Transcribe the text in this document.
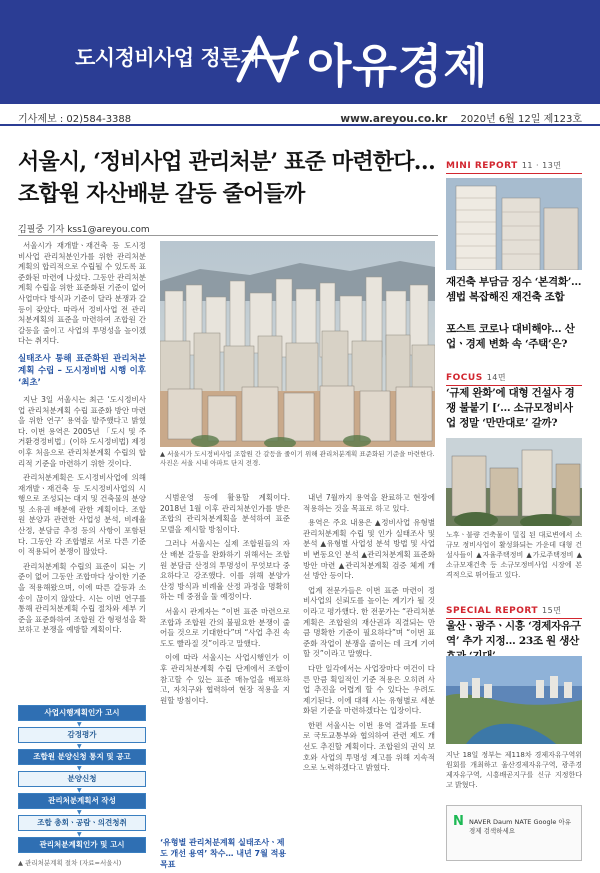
도시정비사업 정론지 아유경제
기사제보 : 02)584-3388	www.areyou.co.kr 2020년 6월 12일 제123호
서울시, ‘정비사업 관리처분’ 표준 마련한다…
조합원 자산배분 갈등 줄어들까
김필중 기자 kss1@areyou.com

서울시가 재개발ㆍ재건축 등 도시정비사업 관리처분인가를 위한 관리처분계획의 합리적으로 수립될 수 있도록 표준화된 마련에 나섰다. 그동안 관리처분계획 수립을 위한 표준화된 기준이 없어 사업마다 방식과 기준이 달라 분쟁과 갈등이 잦았다. 따라서 정비사업 전 관리처분계획의 표준을 마련하여 조합원 간 갈등을 줄이고 사업의 투명성을 높이겠다는 취지다.

실태조사 통해 표준화된 관리처분계획 수립 – 도시정비법 시행 이후 ‘최초’

지난 3일 서울시는 최근 ‘도시정비사업 관리처분계획 수립 표준화 방안 마련을 위한 연구’ 용역을 발주했다고 밝혔다. 이번 용역은 2005년 「도시 및 주거환경정비법」(이하 도시정비법) 제정 이후 처음으로 관리처분계획 수립의 합리적 기준을 마련하기 위한 것이다.

관리처분계획은 도시정비사업에 의해 재개발ㆍ재건축 등 도시정비사업의 시행으로 조성되는 대지 및 건축물의 분양 및 소유권 배분에 관한 계획이다. 조합원 분양과 관련한 사업성 분석, 비례율 산정, 분담금 추정 등의 사항이 포함된다. 그동안 각 조합별로 서로 다른 기준이 적용되어 분쟁이 많았다.

관리처분계획 수립의 표준이 되는 기준이 없어 그동안 조합마다 상이한 기준을 적용해왔으며, 이에 따른 갈등과 소송이 끊이지 않았다. 시는 이번 연구를 통해 관리처분계획 수립 절차와 세부 기준을 표준화하여 조합원 간 형평성을 확보하고 분쟁을 예방할 계획이다.

사업시행계획인가 고시 ▼
감정평가 ▼
조합원 분양신청 통지 및 공고 ▼
분양신청 ▼
관리처분계획서 작성 ▼
조합 총회ㆍ공람ㆍ의견청취 ▼
관리처분계획인가 및 고시
▲ 관리처분계획 절차 (자료=서울시)
▲ 서울시가 도시정비사업 조합원 간 갈등을 줄이기 위해 관리처분계획 표준화된 기준을 마련한다. 사진은 서울 시내 아파트 단지 전경.

시범운영 등에 활용할 계획이다. 2018년 1월 이후 관리처분인가를 받은 조합의 관리처분계획을 분석하여 표준 모델을 제시할 방침이다.

그러나 서울시는 실제 조합원들의 자산 배분 갈등을 완화하기 위해서는 조합원 분담금 산정의 투명성이 무엇보다 중요하다고 강조했다. 이를 위해 분양가 산정 방식과 비례율 산정 과정을 명확히 하는 데 중점을 둘 예정이다.

서울시 관계자는 “이번 표준 마련으로 조합과 조합원 간의 불필요한 분쟁이 줄어들 것으로 기대한다”며 “사업 추진 속도도 빨라질 것”이라고 말했다.

이에 따라 서울시는 사업시행인가 이후 관리처분계획 수립 단계에서 조합이 참고할 수 있는 표준 매뉴얼을 배포하고, 자치구와 협력하여 현장 적용을 지원할 방침이다.

‘유형별 관리처분계획 실태조사ㆍ제도 개선 용역’ 착수… 내년 7월 적용 목표

내년 7월까지 용역을 완료하고 현장에 적용하는 것을 목표로 하고 있다.

용역은 주요 내용은 ▲정비사업 유형별 관리처분계획 수립 및 인가 실태조사 및 분석 ▲유형별 사업성 분석 방법 및 사업비 변동요인 분석 ▲관리처분계획 표준화 방안 마련 ▲관리처분계획 검증 체계 개선 방안 등이다.

업계 전문가들은 이번 표준 마련이 정비사업의 신뢰도를 높이는 계기가 될 것이라고 평가했다. 한 전문가는 “관리처분계획은 조합원의 재산권과 직결되는 만큼 명확한 기준이 필요하다”며 “이번 표준화 작업이 분쟁을 줄이는 데 크게 기여할 것”이라고 말했다.

다만 일각에서는 사업장마다 여건이 다른 만큼 획일적인 기준 적용은 오히려 사업 추진을 어렵게 할 수 있다는 우려도 제기된다. 이에 대해 시는 유형별로 세분화된 기준을 마련하겠다는 입장이다.

한편 서울시는 이번 용역 결과를 토대로 국토교통부와 협의하여 관련 제도 개선도 추진할 계획이다. 조합원의 권익 보호와 사업의 투명성 제고를 위해 지속적으로 노력하겠다고 밝혔다.

MINI REPORT 11 · 13면
재건축 부담금 징수 ‘본격화’… 셈법 복잡해진 재건축 조합
포스트 코로나 대비해야… 산업ㆍ경제 변화 속 ‘주택’은?
FOCUS 14면
‘규제 완화’에 대형 건설사 경쟁 불붙기 [‘… 소규모정비사업 정말 ‘만만대로’ 갈까?
노후ㆍ불량 건축물이 밀집 된 대로변에서 소규모 정비사업이 활성화되는 가운데 대형 건설사들이 ▲자율주택정비 ▲가로주택정비 ▲소규모재건축 등 소규모정비사업 시장에 본격적으로 뛰어들고 있다.
SPECIAL REPORT 15면
울산ㆍ광주ㆍ시흥 ‘경제자유구역’ 추가 지정… 23조 원 생산
지난 18일 정부는 제118차 경제자유구역위원회를 개최하고 울산경제자유구역, 광주경제자유구역, 시흥배곧지구를 신규 지정한다고 밝혔다.
N NAVER Daum NATE Google 아유경제 검색하세요
